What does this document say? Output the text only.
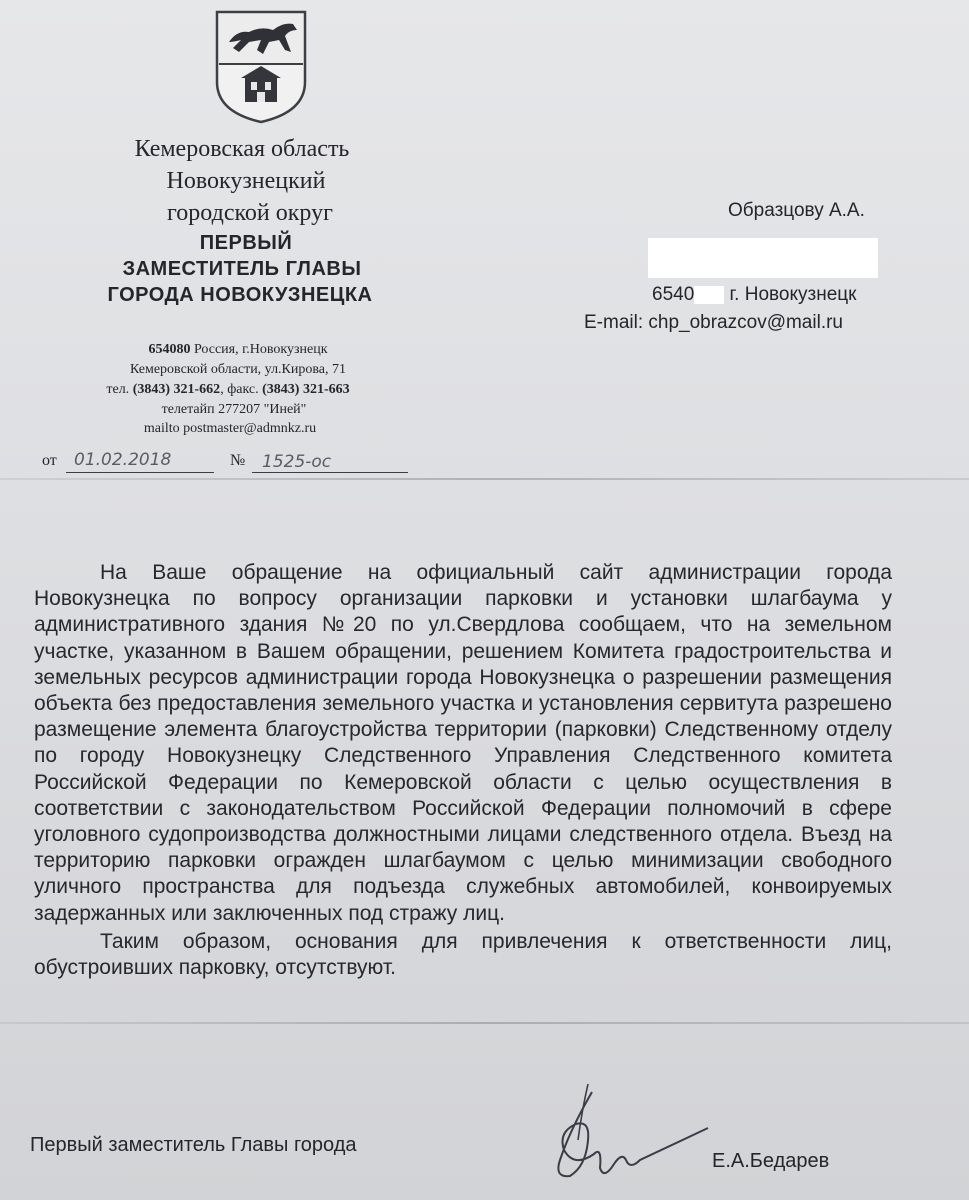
Кемеровская область
Новокузнецкий
городской округ
ПЕРВЫЙ
ЗАМЕСТИТЕЛЬ ГЛАВЫ
ГОРОДА НОВОКУЗНЕЦКА
654080 Россия, г.Новокузнецк
Кемеровской области, ул.Кирова, 71
тел. (3843) 321-662, факс. (3843) 321-663
телетайп 277207 "Иней"
mailto postmaster@admnkz.ru
от 01.02.2018	№ 1525-ос
Образцову А.А.
6540 г. Новокузнецк
E-mail: chp_obrazcov@mail.ru

На Ваше обращение на официальный сайт администрации города Новокузнецка по вопросу организации парковки и установки шлагбаума у административного здания №20 по ул.Свердлова сообщаем, что на земельном участке, указанном в Вашем обращении, решением Комитета градостроительства и земельных ресурсов администрации города Новокузнецка о разрешении размещения объекта без предоставления земельного участка и установления сервитута разрешено размещение элемента благоустройства территории (парковки) Следственному отделу по городу Новокузнецку Следственного Управления Следственного комитета Российской Федерации по Кемеровской области с целью осуществления в соответствии с законодательством Российской Федерации полномочий в сфере уголовного судопроизводства должностными лицами следственного отдела. Въезд на территорию парковки огражден шлагбаумом с целью минимизации свободного уличного пространства для подъезда служебных автомобилей, конвоируемых задержанных или заключенных под стражу лиц.

Таким образом, основания для привлечения к ответственности лиц, обустроивших парковку, отсутствуют.

Первый заместитель Главы города
Е.А.Бедарев
